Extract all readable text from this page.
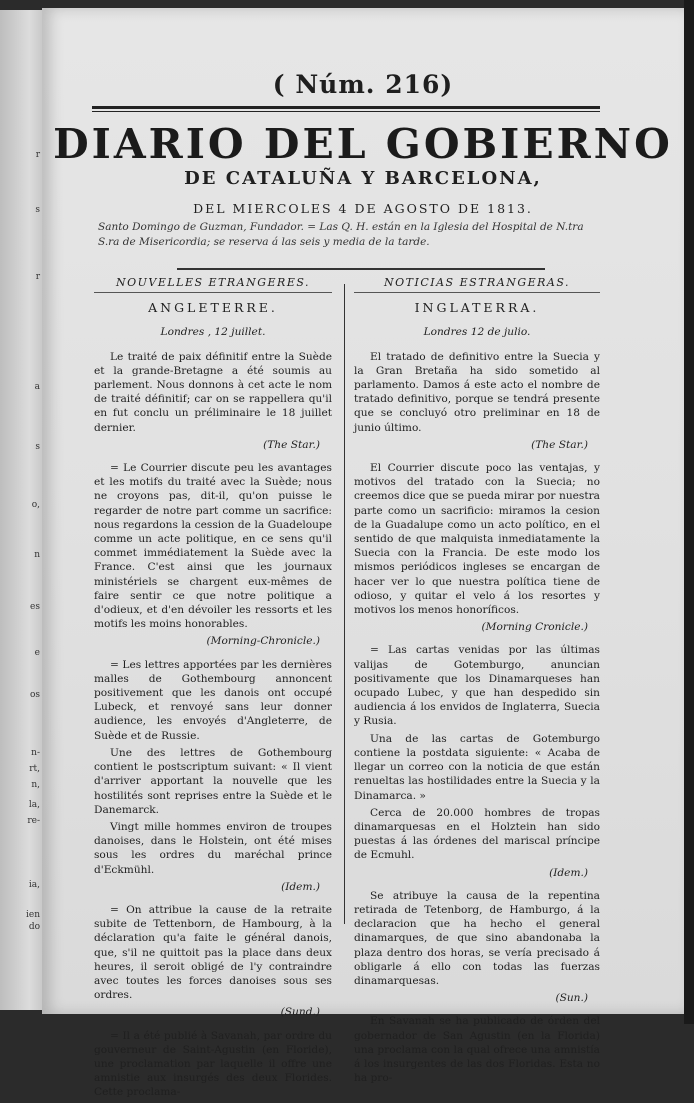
r
s
r
a
s
o,
n
es
e
os
n-
rt,
n,
la,
re-
ia,
ien
do
( Núm. 216)
DIARIO DEL GOBIERNO
DE CATALUÑA Y BARCELONA,
DEL MIERCOLES 4 DE AGOSTO DE 1813.
Santo Domingo de Guzman, Fundador. = Las Q. H. están en la Iglesia del Hospital de N.tra S.ra de Misericordia; se reserva á las seis y media de la tarde.
NOUVELLES ETRANGERES.
ANGLETERRE.
Londres , 12 juillet.

Le traité de paix définitif entre la Suède et la grande-Bretagne a été soumis au parlement. Nous donnons à cet acte le nom de traité définitif; car on se rappellera qu'il en fut conclu un préliminaire le 18 juillet dernier.

(The Star.)

= Le Courrier discute peu les avantages et les motifs du traité avec la Suède; nous ne croyons pas, dit-il, qu'on puisse le regarder de notre part comme un sacrifice: nous regardons la cession de la Guadeloupe comme un acte politique, en ce sens qu'il commet immédiatement la Suède avec la France. C'est ainsi que les journaux ministériels se chargent eux-mêmes de faire sentir ce que notre politique a d'odieux, et d'en dévoiler les ressorts et les motifs les moins honorables.

(Morning-Chronicle.)

= Les lettres apportées par les dernières malles de Gothembourg annoncent positivement que les danois ont occupé Lubeck, et renvoyé sans leur donner audience, les envoyés d'Angleterre, de Suède et de Russie.

Une des lettres de Gothembourg contient le postscriptum suivant: « Il vient d'arriver apportant la nouvelle que les hostilités sont reprises entre la Suède et le Danemarck.

Vingt mille hommes environ de troupes danoises, dans le Holstein, ont été mises sous les ordres du maréchal prince d'Eckmühl.

(Idem.)

= On attribue la cause de la retraite subite de Tettenborn, de Hambourg, à la déclaration qu'a faite le général danois, que, s'il ne quittoit pas la place dans deux heures, il seroit obligé de l'y contraindre avec toutes les forces danoises sous ses ordres.

(Sund.)

= Il a été publié à Savanah, par ordre du gouverneur de Saint-Agustin (en Floride), une proclamation par laquelle il offre une amnistie aux insurgés des deux Florides. Cette proclama-

NOTICIAS ESTRANGERAS.
INGLATERRA.
Londres 12 de julio.

El tratado de definitivo entre la Suecia y la Gran Bretaña ha sido sometido al parlamento. Damos á este acto el nombre de tratado definitivo, porque se tendrá presente que se concluyó otro preliminar en 18 de junio último.

(The Star.)

El Courrier discute poco las ventajas, y motivos del tratado con la Suecia; no creemos dice que se pueda mirar por nuestra parte como un sacrificio: miramos la cesion de la Guadalupe como un acto político, en el sentido de que malquista inmediatamente la Suecia con la Francia. De este modo los mismos periódicos ingleses se encargan de hacer ver lo que nuestra política tiene de odioso, y quitar el velo á los resortes y motivos los menos honoríficos.

(Morning Cronicle.)

= Las cartas venidas por las últimas valijas de Gotemburgo, anuncian positivamente que los Dinamarqueses han ocupado Lubec, y que han despedido sin audiencia á los envidos de Inglaterra, Suecia y Rusia.

Una de las cartas de Gotemburgo contiene la postdata siguiente: « Acaba de llegar un correo con la noticia de que están renueltas las hostilidades entre la Suecia y la Dinamarca. »

Cerca de 20.000 hombres de tropas dinamarquesas en el Holztein han sido puestas á las órdenes del mariscal príncipe de Ecmuhl.

(Idem.)

Se atribuye la causa de la repentina retirada de Tetenborg, de Hamburgo, á la declaracion que ha hecho el general dinamarques, de que sino abandonaba la plaza dentro dos horas, se vería precisado á obligarle á ello con todas las fuerzas dinamarquesas.

(Sun.)

En Savanah se ha publicado de órden del gobernador de San Agustin (en la Florida) una proclama con la qual ofrece una amnistía á los insurgentes de las dos Floridas. Esta no ha pro-
